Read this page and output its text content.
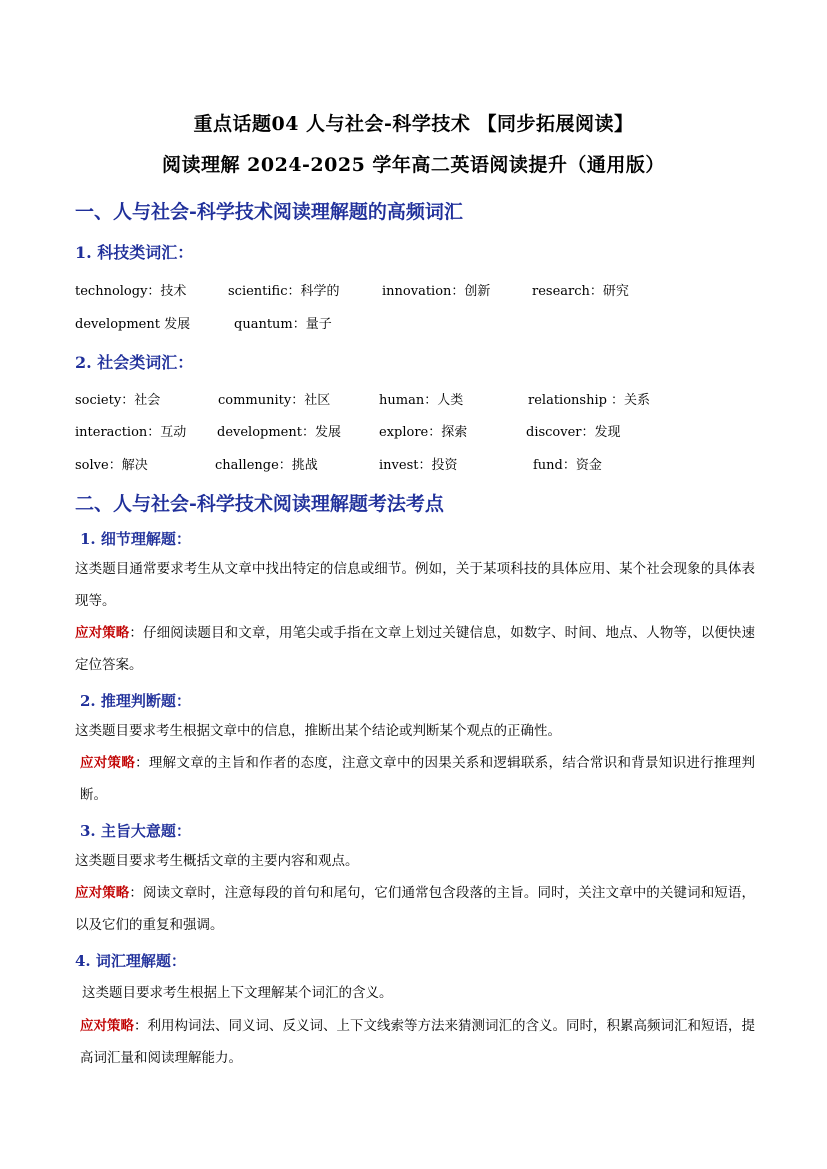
重点话题04 人与社会-科学技术 【同步拓展阅读】
阅读理解 2024-2025 学年高二英语阅读提升（通用版）
一、人与社会-科学技术阅读理解题的高频词汇
1. 科技类词汇：
technology：技术	scientific：科学的	innovation：创新	research：研究
development 发展	quantum：量子
2. 社会类词汇：
society：社会	community：社区	human：人类	relationship ：关系
interaction：互动 development：发展	explore：探索	discover：发现
solve：解决	challenge：挑战	invest：投资	fund：资金
二、人与社会-科学技术阅读理解题考法考点
1. 细节理解题：
这类题目通常要求考生从文章中找出特定的信息或细节。例如，关于某项科技的具体应用、某个社会现象的具体表现等。
应对策略：仔细阅读题目和文章，用笔尖或手指在文章上划过关键信息，如数字、时间、地点、人物等，以便快速定位答案。
2. 推理判断题：
这类题目要求考生根据文章中的信息，推断出某个结论或判断某个观点的正确性。
应对策略：理解文章的主旨和作者的态度，注意文章中的因果关系和逻辑联系，结合常识和背景知识进行推理判断。
3. 主旨大意题：
这类题目要求考生概括文章的主要内容和观点。
应对策略：阅读文章时，注意每段的首句和尾句，它们通常包含段落的主旨。同时，关注文章中的关键词和短语，以及它们的重复和强调。
4. 词汇理解题：
这类题目要求考生根据上下文理解某个词汇的含义。
应对策略：利用构词法、同义词、反义词、上下文线索等方法来猜测词汇的含义。同时，积累高频词汇和短语，提高词汇量和阅读理解能力。
